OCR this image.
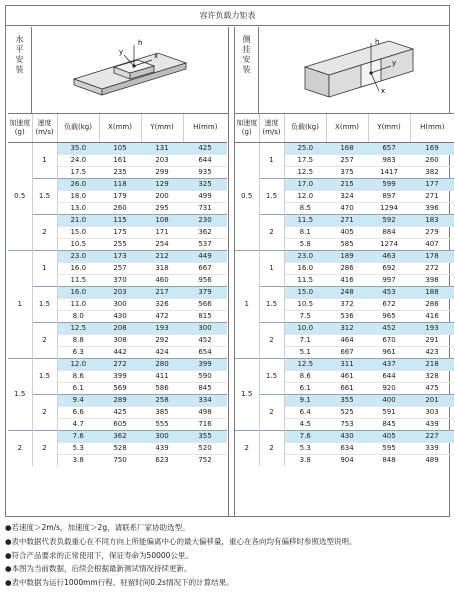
容许负载力矩表
水平安装
h
y	x
加速度(g)	速度(m/s)	负载(kg)	X(mm)	Y(mm)	H(mm)
0.5	1	35.0	105	131	425
		24.0	161	203	644
		17.5	235	299	935
	1.5	26.0	118	129	325
		18.0	179	200	499
		13.0	260	295	731
	2	21.0	115	108	230
		15.0	175	171	362
		10.5	255	254	537
1	1	23.0	173	212	449
		16.0	257	318	667
		11.5	370	460	956
	1.5	16.0	203	217	379
		11.0	300	326	566
		8.0	430	472	815
	2	12.5	208	193	300
		8.8	308	292	452
		6.3	442	424	654
1.5	1.5	12.0	272	280	399
		8.6	399	411	590
		6.1	569	586	845
	2	9.4	289	258	334
		6.6	425	385	498
		4.7	605	555	716
2	2	7.6	362	300	355
		5.3	528	439	520
		3.8	750	623	752
侧挂安装
h
y
x
加速度(g)	速度(m/s)	负载(kg)	X(mm)	Y(mm)	H(mm)
0.5	1	25.0	168	657	169
		17.5	257	983	260
		12.5	375	1417	382
	1.5	17.0	215	599	177
		12.0	324	897	271
		8.5	470	1294	396
	2	11.5	271	592	183
		8.1	405	884	279
		5.8	585	1274	407
1	1	23.0	189	463	178
		16.0	286	692	272
		11.5	416	997	398
	1.5	15.0	248	453	188
		10.5	372	672	286
		7.5	536	965	416
	2	10.0	312	452	193
		7.1	464	670	291
		5.1	667	961	423
1.5	1.5	12.5	311	437	218
		8.6	461	644	328
		6.1	661	920	475
	2	9.1	355	400	201
		6.4	525	591	303
		4.5	753	845	439
2	2	7.6	430	405	227
		5.3	634	595	339
		3.8	904	848	489

●若速度＞2m/s，加速度＞2g，请联系厂家协助选型。

●表中数据代表负载重心在不同方向上所能偏离中心的最大偏移量，重心在各向均有偏移时参照选型说明。

●符合产品要求的正常使用下，保证寿命为50000公里。

●本图为当前数据，后续会根据最新测试情况持续更新。

●表中数据为运行1000mm行程、驻留时间0.2s情况下的计算结果。
